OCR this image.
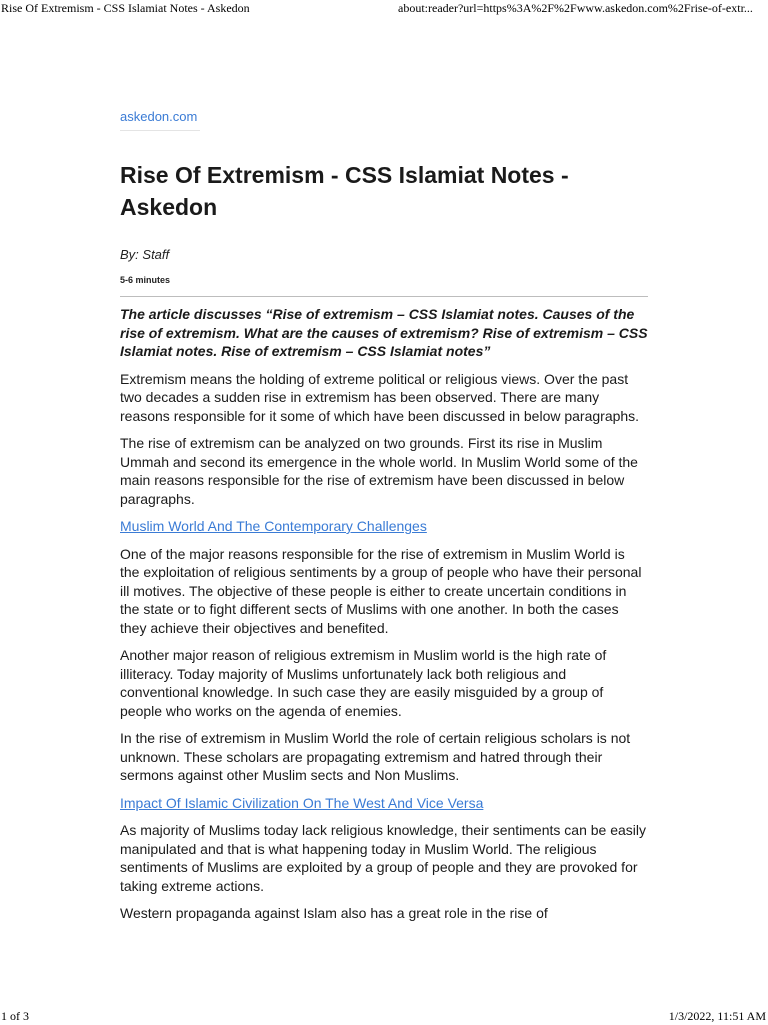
Rise Of Extremism - CSS Islamiat Notes - Askedon	about:reader?url=https%3A%2F%2Fwww.askedon.com%2Frise-of-extr...
askedon.com
Rise Of Extremism - CSS Islamiat Notes - Askedon
By: Staff
5-6 minutes

The article discusses “Rise of extremism – CSS Islamiat notes. Causes of the rise of extremism. What are the causes of extremism? Rise of extremism – CSS Islamiat notes. Rise of extremism – CSS Islamiat notes”

Extremism means the holding of extreme political or religious views. Over the past two decades a sudden rise in extremism has been observed. There are many reasons responsible for it some of which have been discussed in below paragraphs.

The rise of extremism can be analyzed on two grounds. First its rise in Muslim Ummah and second its emergence in the whole world. In Muslim World some of the main reasons responsible for the rise of extremism have been discussed in below paragraphs.

Muslim World And The Contemporary Challenges

One of the major reasons responsible for the rise of extremism in Muslim World is the exploitation of religious sentiments by a group of people who have their personal ill motives. The objective of these people is either to create uncertain conditions in the state or to fight different sects of Muslims with one another. In both the cases they achieve their objectives and benefited.

Another major reason of religious extremism in Muslim world is the high rate of illiteracy. Today majority of Muslims unfortunately lack both religious and conventional knowledge. In such case they are easily misguided by a group of people who works on the agenda of enemies.

In the rise of extremism in Muslim World the role of certain religious scholars is not unknown. These scholars are propagating extremism and hatred through their sermons against other Muslim sects and Non Muslims.

Impact Of Islamic Civilization On The West And Vice Versa

As majority of Muslims today lack religious knowledge, their sentiments can be easily manipulated and that is what happening today in Muslim World. The religious sentiments of Muslims are exploited by a group of people and they are provoked for taking extreme actions.

Western propaganda against Islam also has a great role in the rise of

1 of 3	1/3/2022, 11:51 AM
